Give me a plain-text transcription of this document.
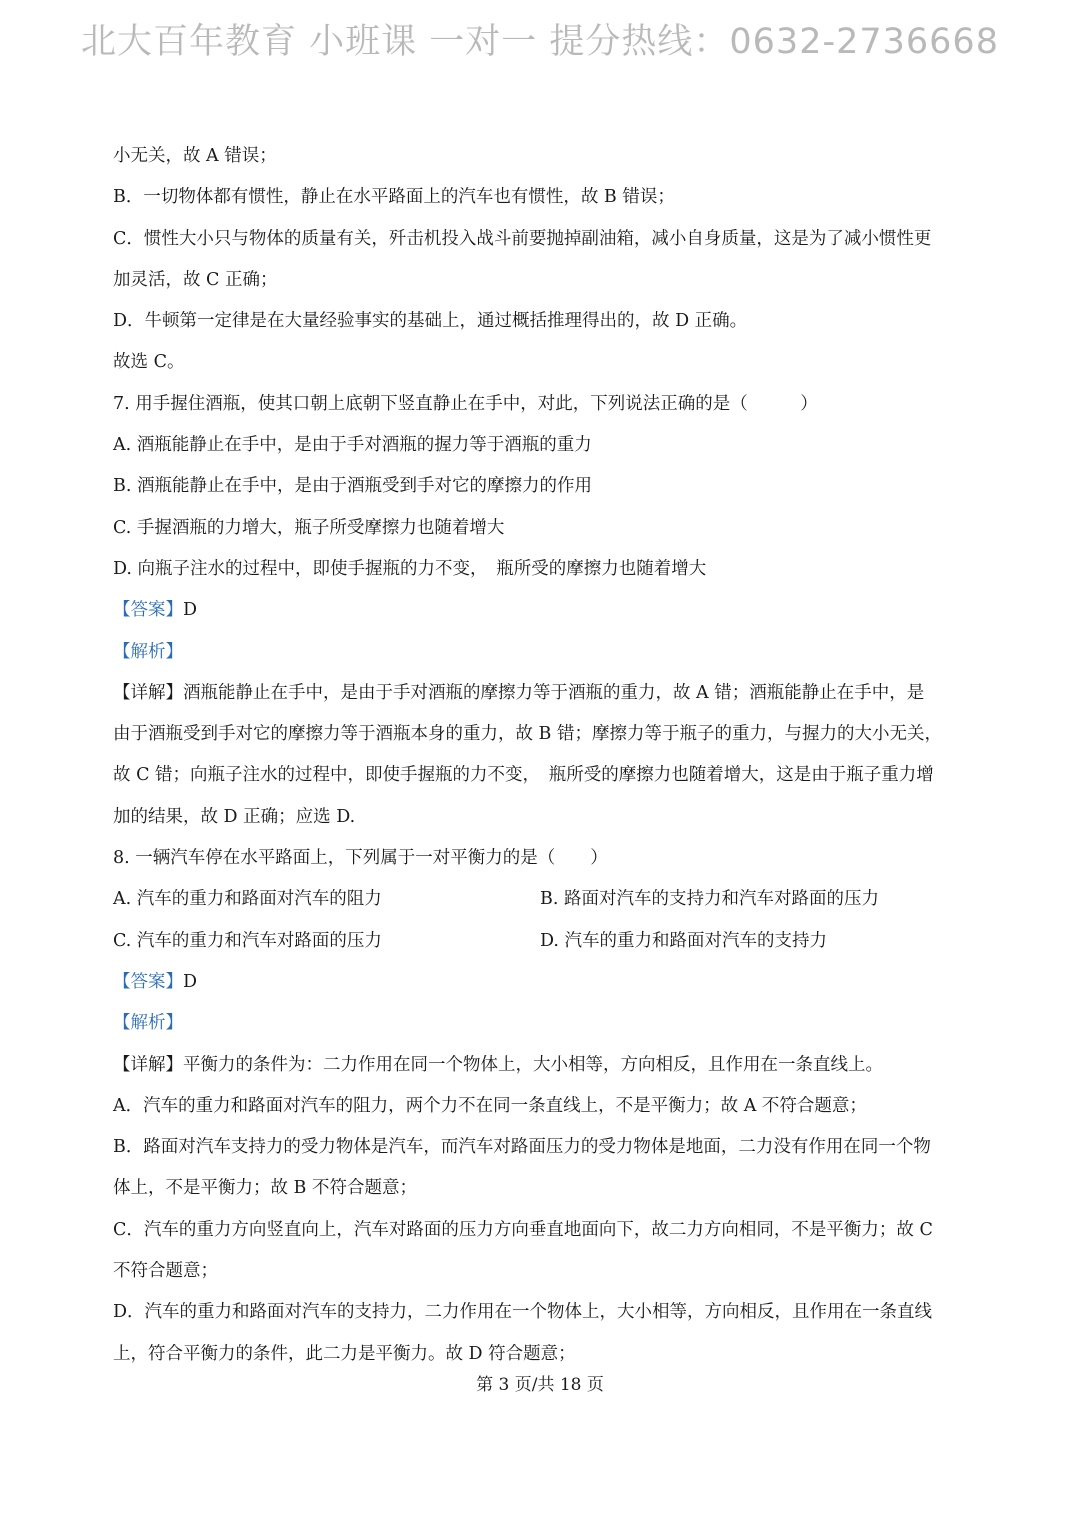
北大百年教育 小班课 一对一 提分热线：0632-2736668
小无关，故 A 错误；
B．一切物体都有惯性，静止在水平路面上的汽车也有惯性，故 B 错误；
C．惯性大小只与物体的质量有关，歼击机投入战斗前要抛掉副油箱，减小自身质量，这是为了减小惯性更
加灵活，故 C 正确；
D．牛顿第一定律是在大量经验事实的基础上，通过概括推理得出的，故 D 正确。
故选 C。
7. 用手握住酒瓶，使其口朝上底朝下竖直静止在手中，对此，下列说法正确的是（　　　）
A. 酒瓶能静止在手中，是由于手对酒瓶的握力等于酒瓶的重力
B. 酒瓶能静止在手中，是由于酒瓶受到手对它的摩擦力的作用
C. 手握酒瓶的力增大，瓶子所受摩擦力也随着增大
D. 向瓶子注水的过程中，即使手握瓶的力不变，　瓶所受的摩擦力也随着增大
【答案】D
【解析】
【详解】酒瓶能静止在手中，是由于手对酒瓶的摩擦力等于酒瓶的重力，故 A 错；酒瓶能静止在手中，是
由于酒瓶受到手对它的摩擦力等于酒瓶本身的重力，故 B 错；摩擦力等于瓶子的重力，与握力的大小无关，
故 C 错；向瓶子注水的过程中，即使手握瓶的力不变，　瓶所受的摩擦力也随着增大，这是由于瓶子重力增
加的结果，故 D 正确；应选 D.
8. 一辆汽车停在水平路面上，下列属于一对平衡力的是（　　）
A. 汽车的重力和路面对汽车的阻力	B. 路面对汽车的支持力和汽车对路面的压力
C. 汽车的重力和汽车对路面的压力	D. 汽车的重力和路面对汽车的支持力
【答案】D
【解析】
【详解】平衡力的条件为：二力作用在同一个物体上，大小相等，方向相反，且作用在一条直线上。
A．汽车的重力和路面对汽车的阻力，两个力不在同一条直线上，不是平衡力；故 A 不符合题意；
B．路面对汽车支持力的受力物体是汽车，而汽车对路面压力的受力物体是地面，二力没有作用在同一个物
体上，不是平衡力；故 B 不符合题意；
C．汽车的重力方向竖直向上，汽车对路面的压力方向垂直地面向下，故二力方向相同，不是平衡力；故 C
不符合题意；
D．汽车的重力和路面对汽车的支持力，二力作用在一个物体上，大小相等，方向相反，且作用在一条直线
上，符合平衡力的条件，此二力是平衡力。故 D 符合题意；
第 3 页/共 18 页
